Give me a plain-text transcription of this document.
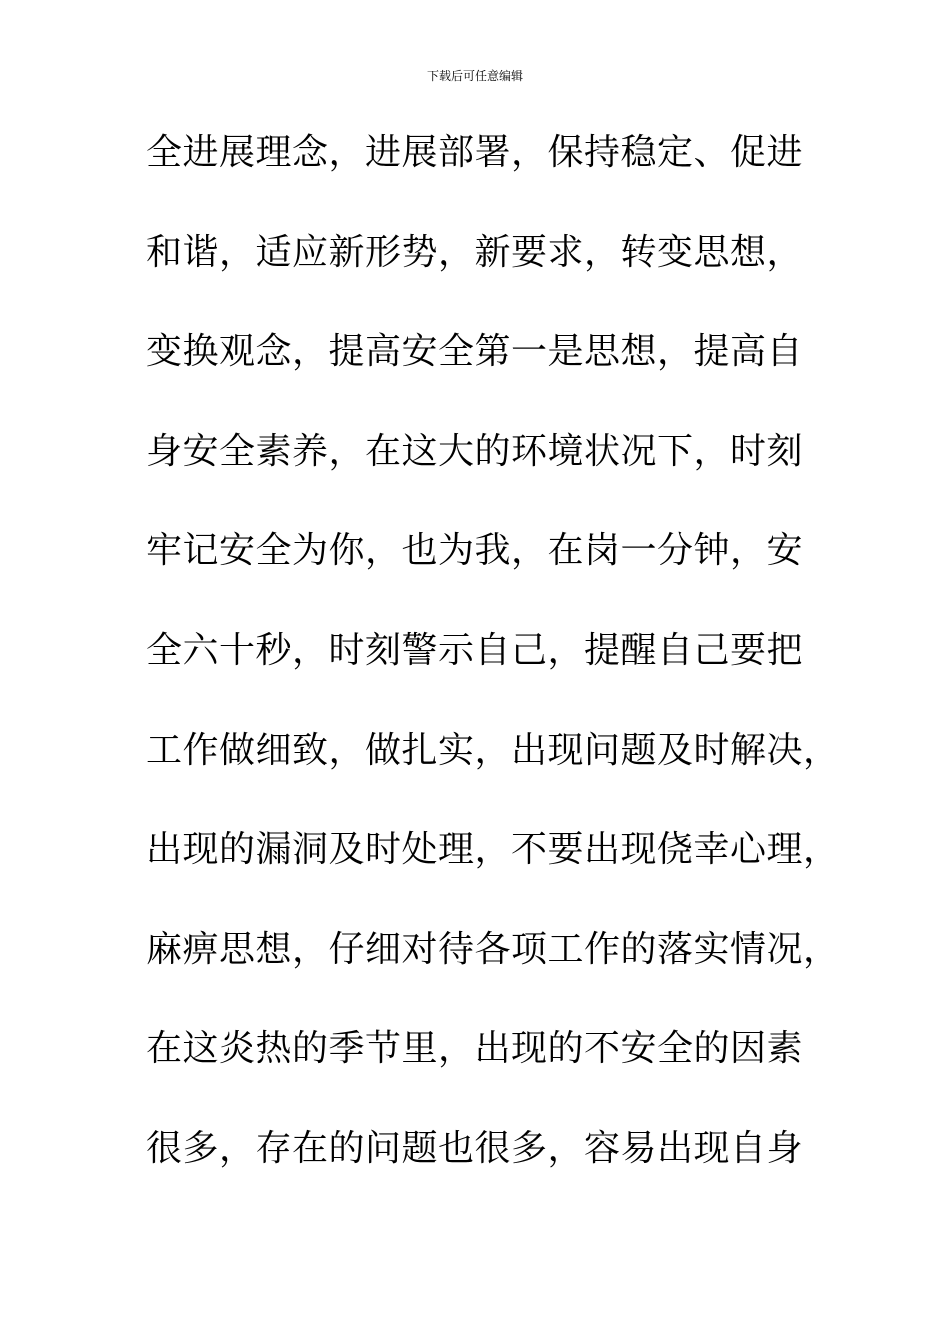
下载后可任意编辑
全进展理念，进展部署，保持稳定、促进
和谐，适应新形势，新要求，转变思想，
变换观念，提高安全第一是思想，提高自
身安全素养，在这大的环境状况下，时刻
牢记安全为你，也为我，在岗一分钟，安
全六十秒，时刻警示自己，提醒自己要把
工作做细致，做扎实，出现问题及时解决，
出现的漏洞及时处理，不要出现侥幸心理，
麻痹思想，仔细对待各项工作的落实情况，
在这炎热的季节里，出现的不安全的因素
很多，存在的问题也很多，容易出现自身
